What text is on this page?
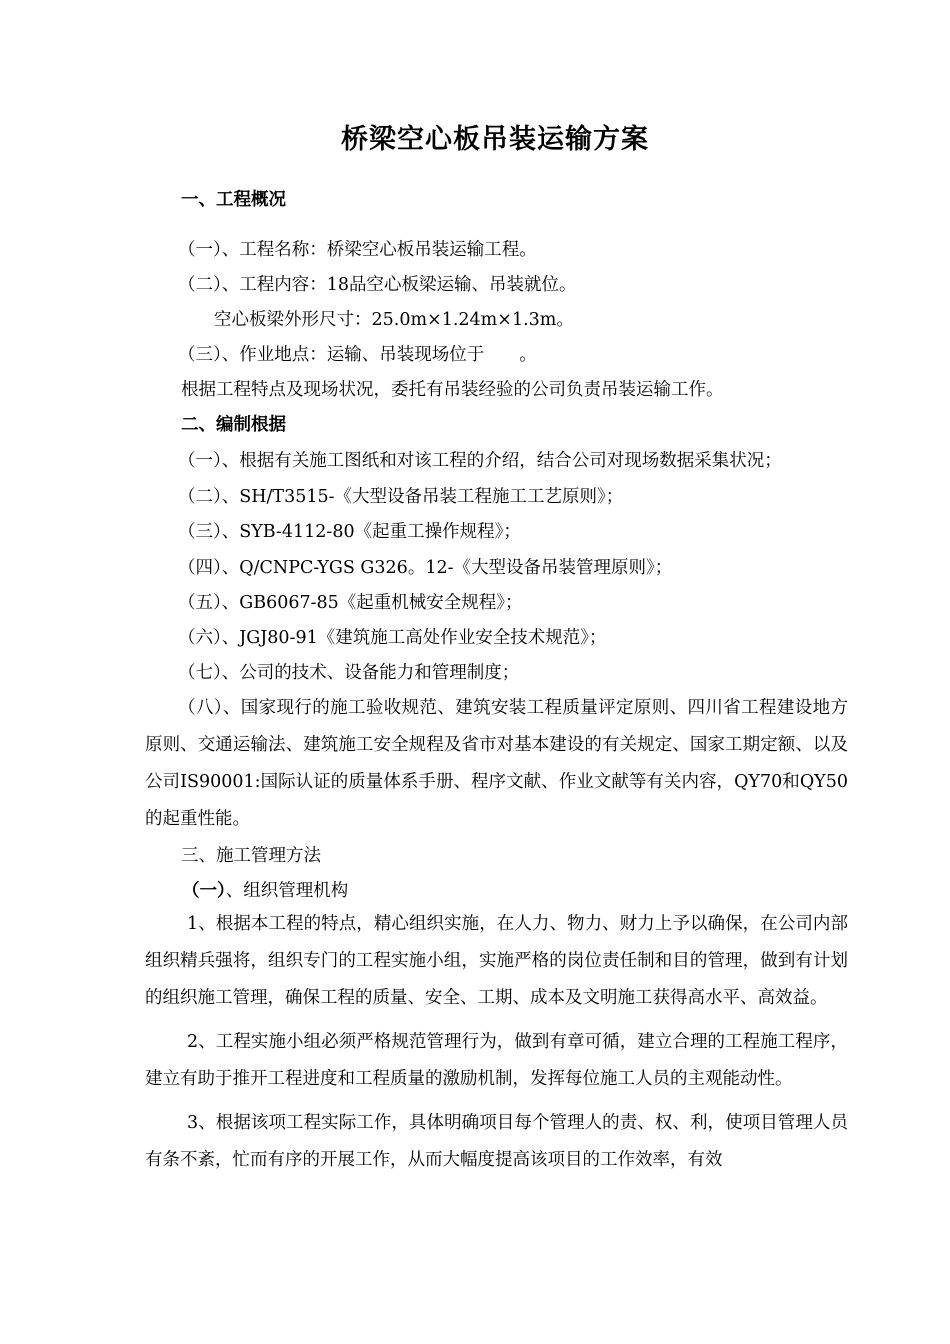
桥梁空心板吊装运输方案
一、工程概况
（一）、工程名称：桥梁空心板吊装运输工程。
（二）、工程内容：18品空心板梁运输、吊装就位。
空心板梁外形尺寸：25.0m×1.24m×1.3m。
（三）、作业地点：运输、吊装现场位于　　。
根据工程特点及现场状况，委托有吊装经验的公司负责吊装运输工作。
二、编制根据
（一）、根据有关施工图纸和对该工程的介绍，结合公司对现场数据采集状况；
（二）、SH/T3515-《大型设备吊装工程施工工艺原则》；
（三）、SYB-4112-80《起重工操作规程》；
（四）、Q/CNPC-YGS G326。12-《大型设备吊装管理原则》；
（五）、GB6067-85《起重机械安全规程》；
（六）、JGJ80-91《建筑施工高处作业安全技术规范》；
（七）、公司的技术、设备能力和管理制度；

（八）、国家现行的施工验收规范、建筑安装工程质量评定原则、四川省工程建设地方原则、交通运输法、建筑施工安全规程及省市对基本建设的有关规定、国家工期定额、以及公司IS90001:国际认证的质量体系手册、程序文献、作业文献等有关内容，QY70和QY50的起重性能。

三、施工管理方法
（一）、组织管理机构

1、根据本工程的特点，精心组织实施，在人力、物力、财力上予以确保，在公司内部组织精兵强将，组织专门的工程实施小组，实施严格的岗位责任制和目的管理，做到有计划的组织施工管理，确保工程的质量、安全、工期、成本及文明施工获得高水平、高效益。

2、工程实施小组必须严格规范管理行为，做到有章可循，建立合理的工程施工程序，建立有助于推开工程进度和工程质量的激励机制，发挥每位施工人员的主观能动性。

3、根据该项工程实际工作，具体明确项目每个管理人的责、权、利，使项目管理人员有条不紊，忙而有序的开展工作，从而大幅度提高该项目的工作效率，有效
